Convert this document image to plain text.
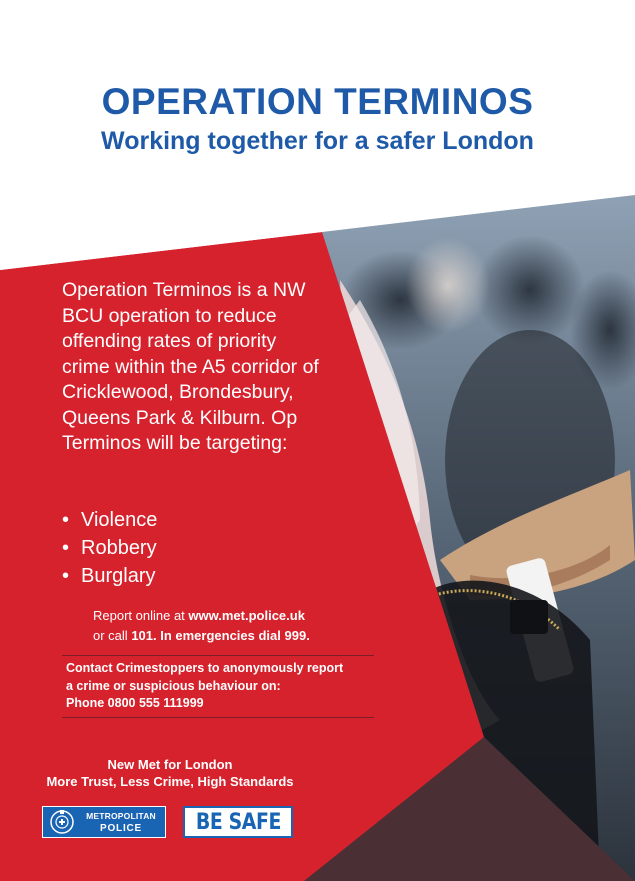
OPERATION TERMINOS
Working together for a safer London

Operation Terminos is a NW BCU operation to reduce offending rates of priority crime within the A5 corridor of Cricklewood, Brondesbury, Queens Park & Kilburn. Op Terminos will be targeting:

• Violence
• Robbery
• Burglary
Report online at www.met.police.uk
or call 101. In emergencies dial 999.
Contact Crimestoppers to anonymously report
a crime or suspicious behaviour on:
Phone 0800 555 111999
New Met for London
More Trust, Less Crime, High Standards
METROPOLITAN
POLICE	BE SAFE
